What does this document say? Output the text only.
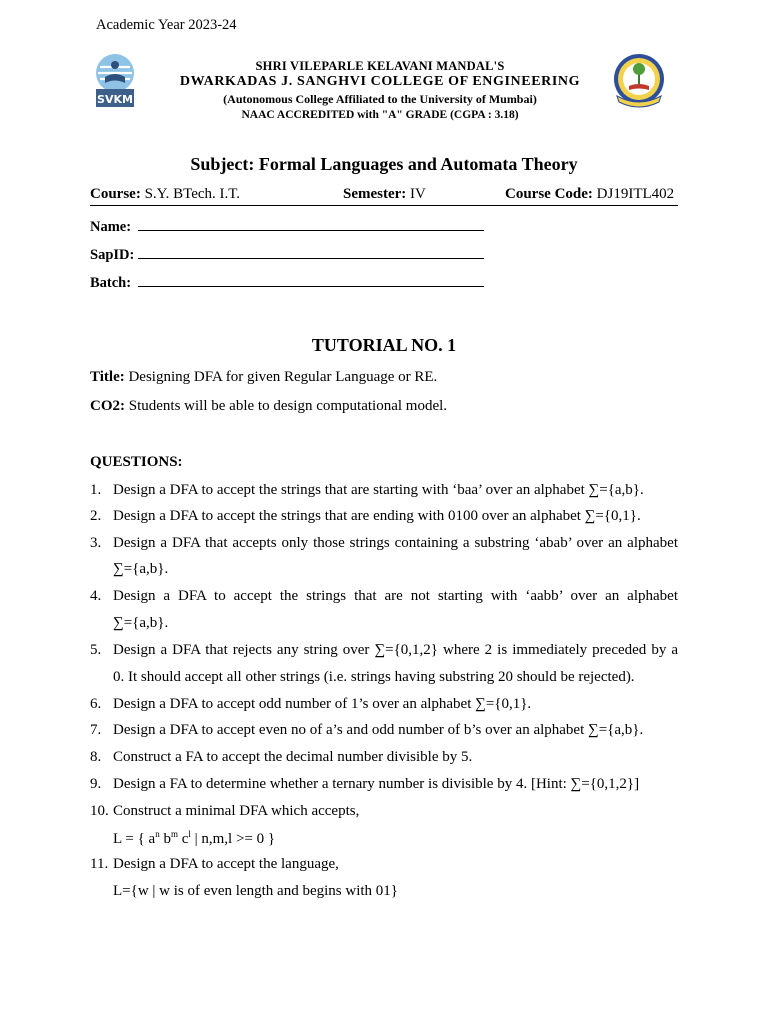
Academic Year 2023-24
SVKM
SHRI VILEPARLE KELAVANI MANDAL'S
DWARKADAS J. SANGHVI COLLEGE OF ENGINEERING
(Autonomous College Affiliated to the University of Mumbai)
NAAC ACCREDITED with "A" GRADE (CGPA : 3.18)
Subject: Formal Languages and Automata Theory
Course: S.Y. BTech. I.T.	Semester: IV	Course Code: DJ19ITL402
Name:
SapID:
Batch:
TUTORIAL NO. 1
Title: Designing DFA for given Regular Language or RE.
CO2: Students will be able to design computational model.
QUESTIONS:
1. Design a DFA to accept the strings that are starting with ‘baa’ over an alphabet ∑={a,b}.
2. Design a DFA to accept the strings that are ending with 0100 over an alphabet ∑={0,1}.
3. Design a DFA that accepts only those strings containing a substring ‘abab’ over an alphabet
∑={a,b}.
4. Design a DFA to accept the strings that are not starting with ‘aabb’ over an alphabet
∑={a,b}.
5. Design a DFA that rejects any string over ∑={0,1,2} where 2 is immediately preceded by a
0. It should accept all other strings (i.e. strings having substring 20 should be rejected).
6. Design a DFA to accept odd number of 1’s over an alphabet ∑={0,1}.
7. Design a DFA to accept even no of a’s and odd number of b’s over an alphabet ∑={a,b}.
8. Construct a FA to accept the decimal number divisible by 5.
9. Design a FA to determine whether a ternary number is divisible by 4. [Hint: ∑={0,1,2}]
10. Construct a minimal DFA which accepts,
L = { $a^n$ $b^m$ $c^l$ | n,m,l >= 0 }
11. Design a DFA to accept the language,
L={w | w is of even length and begins with 01}
